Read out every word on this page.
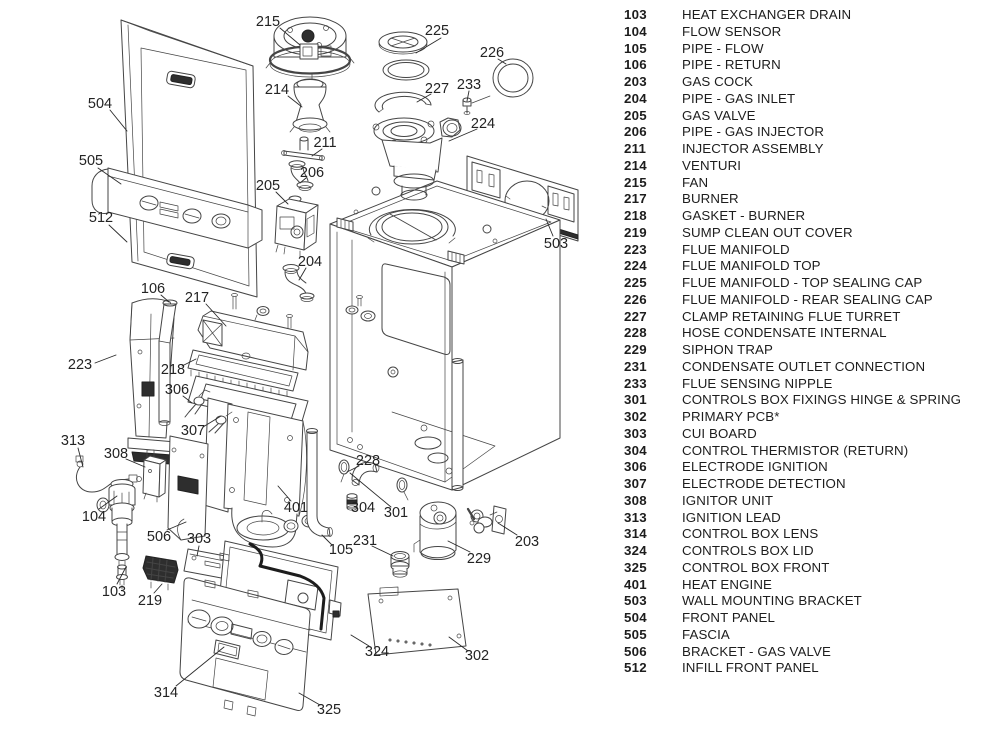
215
225
226
233
227
224
214
211
206
205
204
504
505
512
106
217
503
223	218
306
307
313
308
104
228
304 301
401
105
231	203
229
506 303
103
219
314
325
324	302
103	HEAT EXCHANGER DRAIN
104	FLOW SENSOR
105	PIPE - FLOW
106	PIPE - RETURN
203	GAS COCK
204	PIPE - GAS INLET
205	GAS VALVE
206	PIPE - GAS INJECTOR
211	INJECTOR ASSEMBLY
214	VENTURI
215	FAN
217	BURNER
218	GASKET - BURNER
219	SUMP CLEAN OUT COVER
223	FLUE MANIFOLD
224	FLUE MANIFOLD TOP
225	FLUE MANIFOLD - TOP SEALING CAP
226	FLUE MANIFOLD - REAR SEALING CAP
227	CLAMP RETAINING FLUE TURRET
228	HOSE CONDENSATE INTERNAL
229	SIPHON TRAP
231	CONDENSATE OUTLET CONNECTION
233	FLUE SENSING NIPPLE
301	CONTROLS BOX FIXINGS HINGE & SPRING
302	PRIMARY PCB*
303	CUI BOARD
304	CONTROL THERMISTOR (RETURN)
306	ELECTRODE IGNITION
307	ELECTRODE DETECTION
308	IGNITOR UNIT
313	IGNITION LEAD
314	CONTROL BOX LENS
324	CONTROLS BOX LID
325	CONTROL BOX FRONT
401	HEAT ENGINE
503	WALL MOUNTING BRACKET
504	FRONT PANEL
505	FASCIA
506	BRACKET - GAS VALVE
512	INFILL FRONT PANEL
